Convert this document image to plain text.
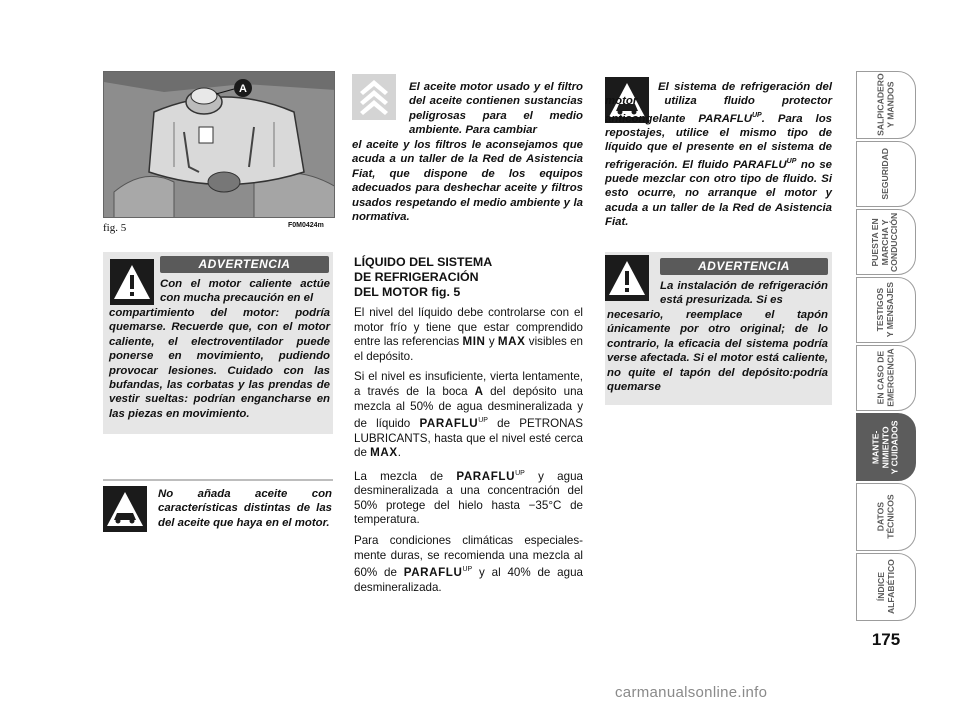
A
fig. 5	F0M0424m
ADVERTENCIA
Con el motor caliente actúe con mucha precaución en el
compartimiento del motor: podría quemarse. Recuerde que, con el motor caliente, el electroventilador puede ponerse en movimiento, pudiendo provocar lesiones. Cuidado con las bufandas, las corbatas y las prendas de vestir sueltas: podrían engancharse en las piezas en movimiento.
No añada aceite con características distintas de las del aceite que haya en el motor.
El aceite motor usado y el filtro del aceite contienen sustancias peligrosas para el medio ambiente. Para cambiar
el aceite y los filtros le aconsejamos que acuda a un taller de la Red de Asistencia Fiat, que dispone de los equipos adecuados para deshechar aceite y filtros usados respetando el medio ambiente y la normativa.
LÍQUIDO DEL SISTEMA
DE REFRIGERACIÓN
DEL MOTOR fig. 5

El nivel del líquido debe controlarse con el motor frío y tiene que estar comprendido entre las referencias MIN y MAX visibles en el depósito.

Si el nivel es insuficiente, vierta lentamente, a través de la boca A del depósito una mezcla al 50% de agua desmineralizada y de líquido $PARAFLU^{UP}$ de PETRONAS LUBRICANTS, hasta que el nivel esté cerca de MAX.

La mezcla de $PARAFLU^{UP}$ y agua desmineralizada a una concentración del 50% protege del hielo hasta −35°C de temperatura.

Para condiciones climáticas especiales-mente duras, se recomienda una mezcla al 60% de $PARAFLU^{UP}$ y al 40% de agua desmineralizada.

El sistema de refrigeración del motor utiliza fluido protector anticongelante $PARAFLU^{UP}$. Para los repostajes, utilice el mismo tipo de líquido que el presente en el sistema de refrigeración. El fluido $PARAFLU^{UP}$ no se puede mezclar con otro tipo de fluido. Si esto ocurre, no arranque el motor y acuda a un taller de la Red de Asistencia Fiat.
ADVERTENCIA
La instalación de refrigeración está presurizada. Si es
necesario, reemplace el tapón únicamente por otro original; de lo contrario, la eficacia del sistema podría verse afectada. Si el motor está caliente, no quite el tapón del depósito:podría quemarse
SALPICADERO Y MANDOS
SEGURIDAD
PUESTA EN MARCHA Y CONDUCCIÓN
TESTIGOS Y MENSAJES
EN CASO DE EMERGENCIA
MANTE- NIMIENTO Y CUIDADOS
DATOS TÉCNICOS
ÍNDICE ALFABÉTICO
175
carmanualsonline.info
